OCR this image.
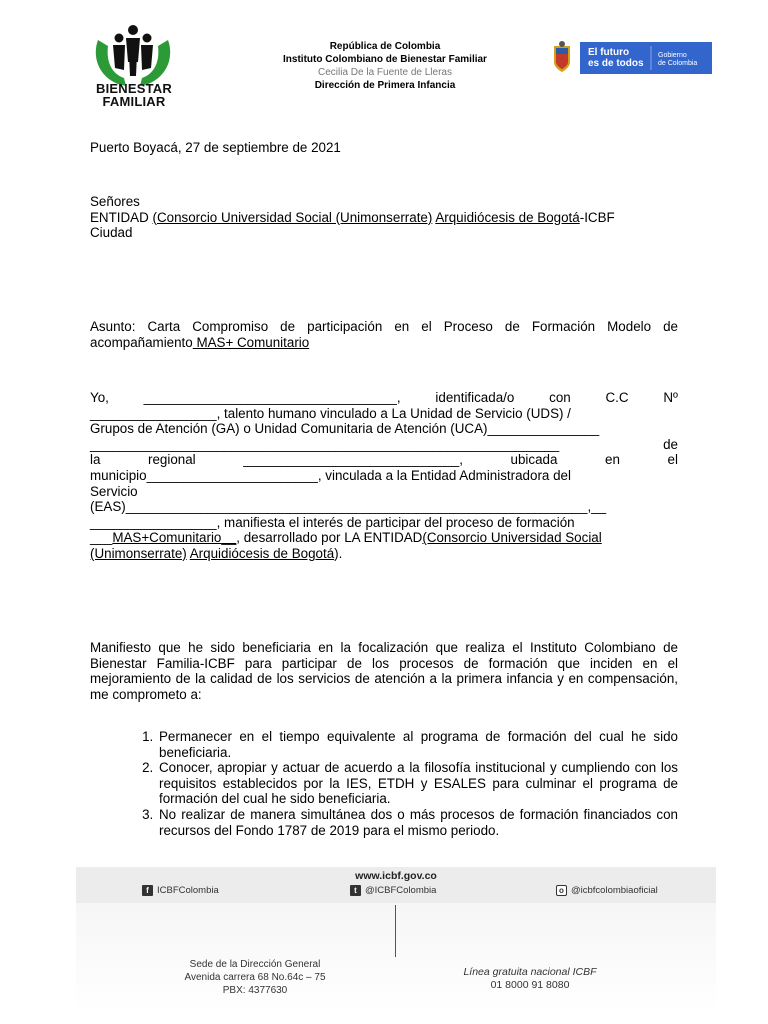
BIENESTAR
FAMILIAR
República de Colombia
Instituto Colombiano de Bienestar Familiar
Cecilia De la Fuente de Lleras
Dirección de Primera Infancia
El futuro
es de todos
Gobierno
de Colombia
Puerto Boyacá, 27 de septiembre de 2021
Señores
ENTIDAD (Consorcio Universidad Social (Unimonserrate) Arquidiócesis de Bogotá-ICBF
Ciudad
Asunto: Carta Compromiso de participación en el Proceso de Formación Modelo de acompañamiento MAS+ Comunitario
Yo,	__________________________________,	identificada/o	con	C.C	Nº
_________________, talento humano vinculado a La Unidad de Servicio (UDS) /
Grupos de Atención (GA) o Unidad Comunitaria de Atención (UCA)_______________
_______________________________________________________________	de
la	regional	_____________________________,	ubicada	en	el
municipio_______________________, vinculada a la Entidad Administradora del
Servicio
(EAS)______________________________________________________________,__
_________________, manifiesta el interés de participar del proceso de formación
___MAS+Comunitario__, desarrollado por LA ENTIDAD(Consorcio Universidad Social
(Unimonserrate) Arquidiócesis de Bogotá).
Manifiesto que he sido beneficiaria en la focalización que realiza el Instituto Colombiano de Bienestar Familia-ICBF para participar de los procesos de formación que inciden en el mejoramiento de la calidad de los servicios de atención a la primera infancia y en compensación, me comprometo a:
1. Permanecer en el tiempo equivalente al programa de formación del cual he sido beneficiaria.
2. Conocer, apropiar y actuar de acuerdo a la filosofía institucional y cumpliendo con los requisitos establecidos por la IES, ETDH y ESALES para culminar el programa de formación del cual he sido beneficiaria.
3. No realizar de manera simultánea dos o más procesos de formación financiados con recursos del Fondo 1787 de 2019 para el mismo periodo.
www.icbf.gov.co
f ICBFColombia	t @ICBFColombia	o @icbfcolombiaoficial
Sede de la Dirección General
Avenida carrera 68 No.64c – 75
PBX: 4377630
Línea gratuita nacional ICBF
01 8000 91 8080
